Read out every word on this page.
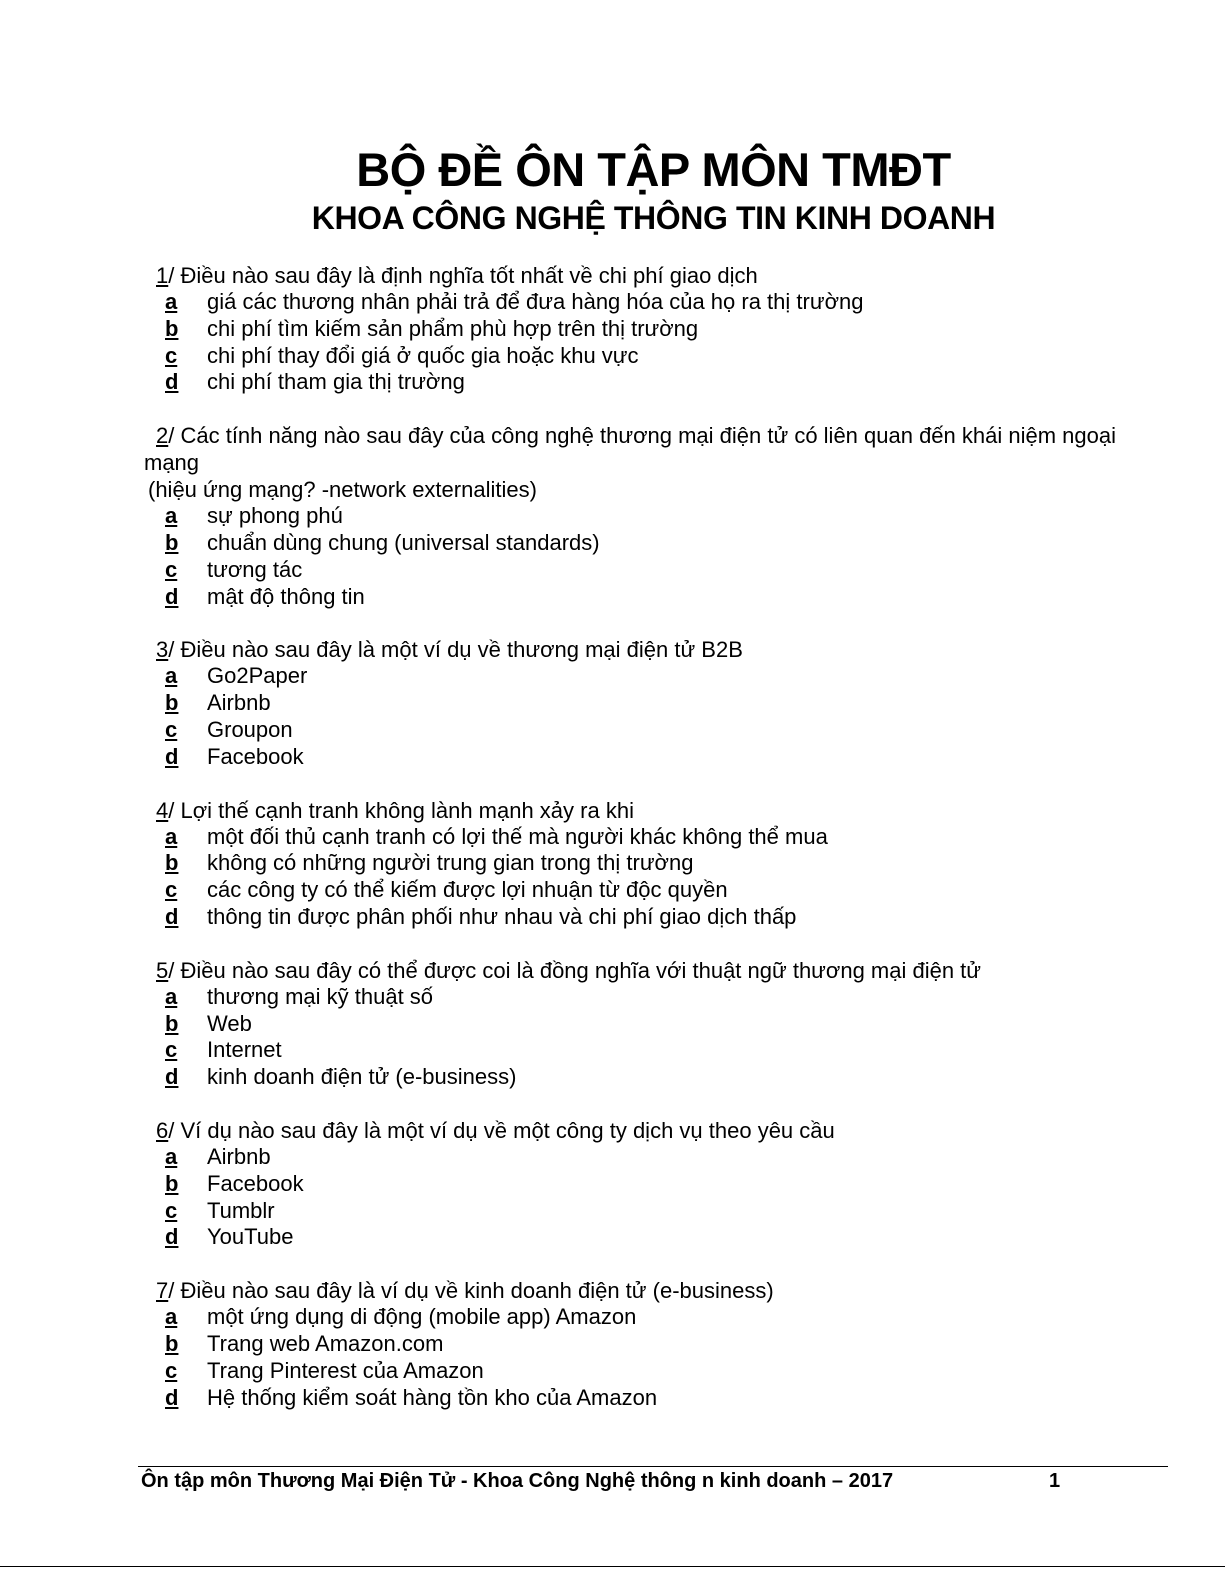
BỘ ĐỀ ÔN TẬP MÔN TMĐT
KHOA CÔNG NGHỆ THÔNG TIN KINH DOANH

1/ Điều nào sau đây là định nghĩa tốt nhất về chi phí giao dịch

a giá các thương nhân phải trả để đưa hàng hóa của họ ra thị trường
b chi phí tìm kiếm sản phẩm phù hợp trên thị trường
c chi phí thay đổi giá ở quốc gia hoặc khu vực
d chi phí tham gia thị trường

2/ Các tính năng nào sau đây của công nghệ thương mại điện tử có liên quan đến khái niệm ngoại mạng

(hiệu ứng mạng? -network externalities)

a sự phong phú
b chuẩn dùng chung (universal standards)
c tương tác
d mật độ thông tin

3/ Điều nào sau đây là một ví dụ về thương mại điện tử B2B

a Go2Paper
b Airbnb
c Groupon
d Facebook

4/ Lợi thế cạnh tranh không lành mạnh xảy ra khi

a một đối thủ cạnh tranh có lợi thế mà người khác không thể mua
b không có những người trung gian trong thị trường
c các công ty có thể kiếm được lợi nhuận từ độc quyền
d thông tin được phân phối như nhau và chi phí giao dịch thấp

5/ Điều nào sau đây có thể được coi là đồng nghĩa với thuật ngữ thương mại điện tử

a thương mại kỹ thuật số
b Web
c Internet
d kinh doanh điện tử (e-business)

6/ Ví dụ nào sau đây là một ví dụ về một công ty dịch vụ theo yêu cầu

a Airbnb
b Facebook
c Tumblr
d YouTube

7/ Điều nào sau đây là ví dụ về kinh doanh điện tử (e-business)

a một ứng dụng di động (mobile app) Amazon
b Trang web Amazon.com
c Trang Pinterest của Amazon
d Hệ thống kiểm soát hàng tồn kho của Amazon
Ôn tập môn Thương Mại Điện Tử - Khoa Công Nghệ thông n kinh doanh – 2017	1
